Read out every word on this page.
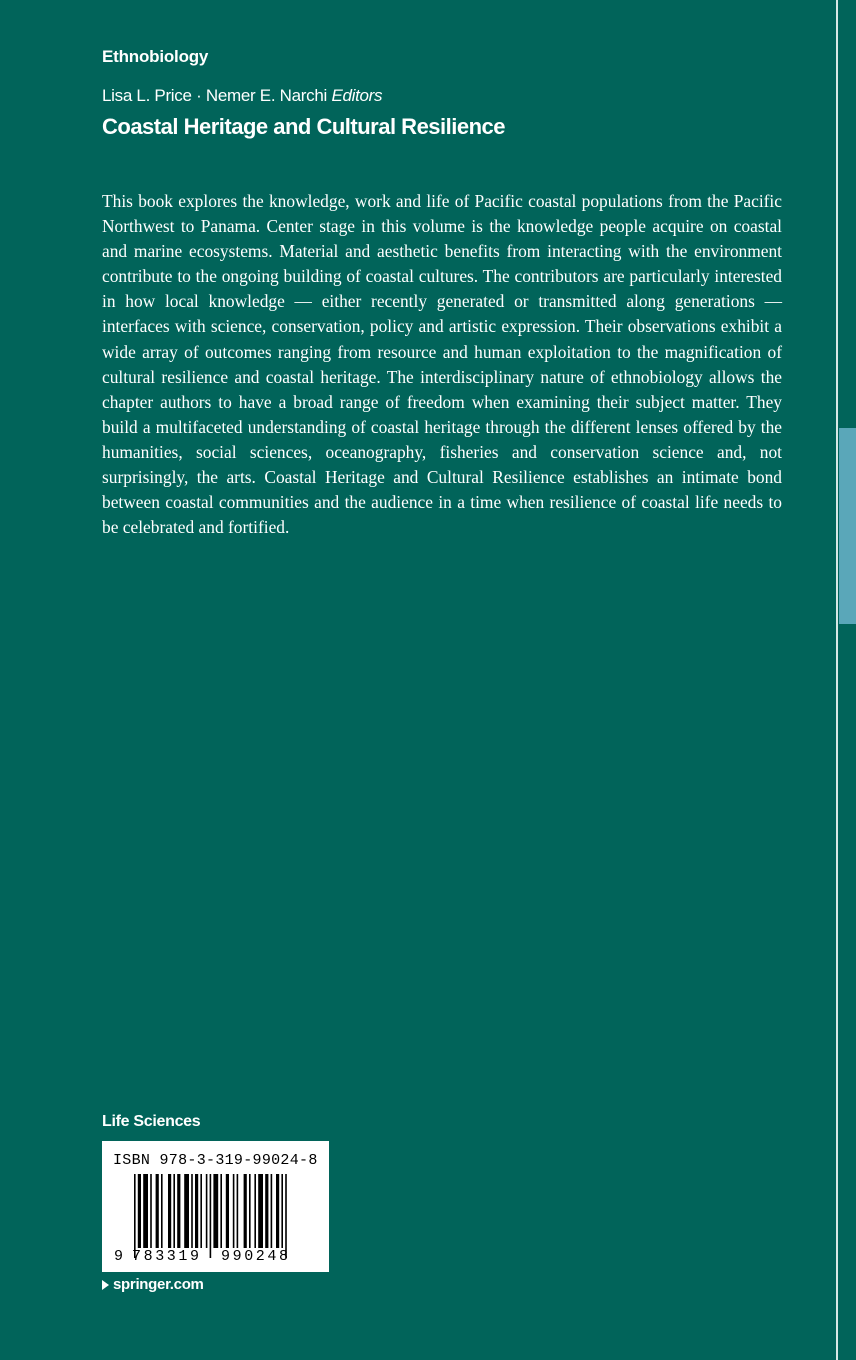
Ethnobiology
Lisa L. Price · Nemer E. Narchi Editors
Coastal Heritage and Cultural Resilience

This book explores the knowledge, work and life of Pacific coastal populations from the Pacific Northwest to Panama. Center stage in this volume is the knowledge people acquire on coastal and marine ecosystems. Material and aesthetic benefits from interacting with the environment contribute to the ongoing building of coastal cultures. The contributors are particularly interested in how local knowledge — either recently generated or transmitted along generations — interfaces with science, conservation, policy and artistic expression. Their observations exhibit a wide array of outcomes ranging from resource and human exploitation to the magnification of cultural resilience and coastal heritage. The interdisciplinary nature of ethnobiology allows the chapter authors to have a broad range of freedom when examining their subject matter. They build a multifaceted understanding of coastal heritage through the different lenses offered by the humanities, social sciences, oceanography, fisheries and conservation science and, not surprisingly, the arts. Coastal Heritage and Cultural Resilience establishes an intimate bond between coastal communities and the audience in a time when resilience of coastal life needs to be celebrated and fortified.

Life Sciences
ISBN 978-3-319-99024-8
9 783319 990248
springer.com
